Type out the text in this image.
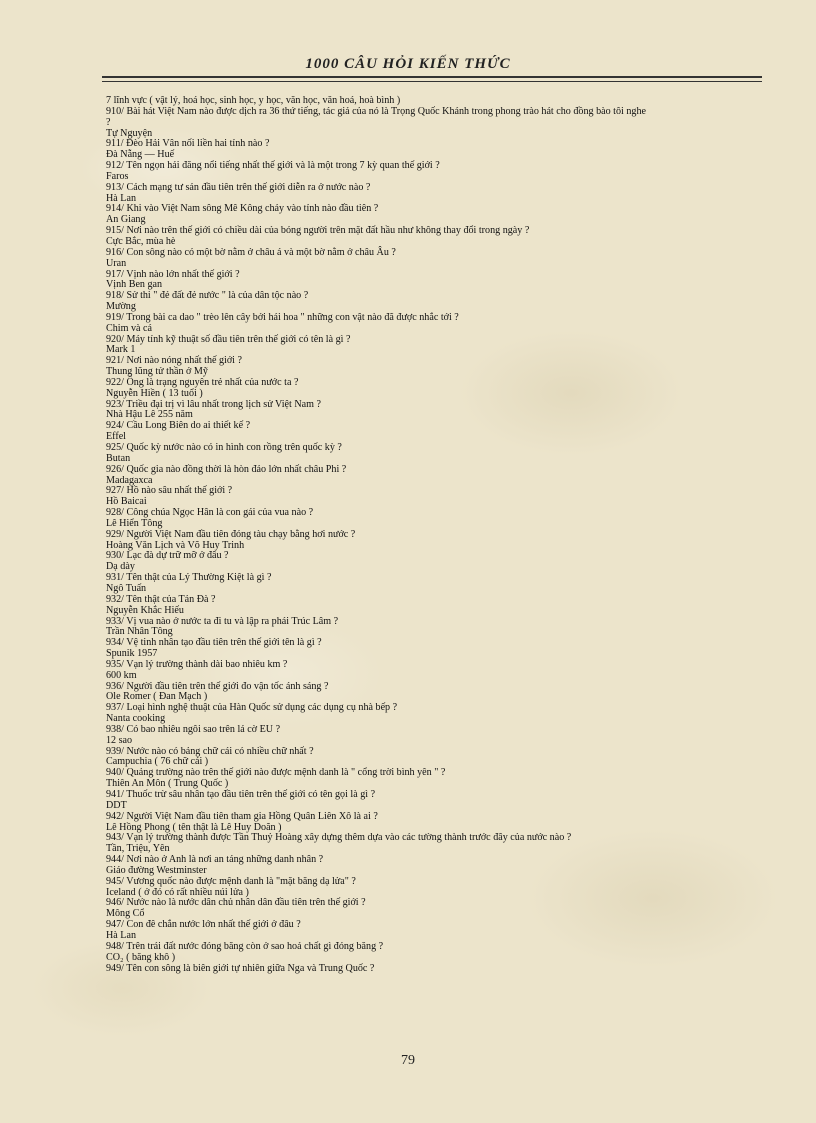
1000 CÂU HỎI KIẾN THỨC
7 lĩnh vực ( vật lý, hoá học, sinh học, y học, văn học, văn hoá, hoà bình )
910/ Bài hát Việt Nam nào được dịch ra 36 thứ tiếng, tác giả của nó là Trọng Quốc Khánh trong phong trào hát cho đồng bào tôi nghe
?
Tự Nguyện
911/ Đèo Hải Vân nối liền hai tỉnh nào ?
Đà Nẵng — Huế
912/ Tên ngọn hải đăng nổi tiếng nhất thế giới và là một trong 7 kỳ quan thế giới ?
Faros
913/ Cách mạng tư sản đầu tiên trên thế giới diễn ra ở nước nào ?
Hà Lan
914/ Khi vào Việt Nam sông Mê Kông chảy vào tỉnh nào đầu tiên ?
An Giang
915/ Nơi nào trên thế giới có chiều dài của bóng người trên mặt đất hầu như không thay đổi trong ngày ?
Cực Bắc, mùa hè
916/ Con sông nào có một bờ nằm ở châu á và một bờ nằm ở châu Âu ?
Uran
917/ Vịnh nào lớn nhất thế giới ?
Vịnh Ben gan
918/ Sử thi " đẻ đất đẻ nước " là của dân tộc nào ?
Mường
919/ Trong bài ca dao " trèo lên cây bởi hái hoa " những con vật nào đã được nhắc tới ?
Chim và cá
920/ Máy tính kỹ thuật số đầu tiên trên thế giới có tên là gì ?
Mark 1
921/ Nơi nào nóng nhất thế giới ?
Thung lũng tử thần ở Mỹ
922/ Ông là trạng nguyên trẻ nhất của nước ta ?
Nguyễn Hiền ( 13 tuổi )
923/ Triều đại trị vì lâu nhất trong lịch sử Việt Nam ?
Nhà Hậu Lê 255 năm
924/ Cầu Long Biên do ai thiết kế ?
Effel
925/ Quốc kỳ nước nào có in hình con rồng trên quốc kỳ ?
Butan
926/ Quốc gia nào đồng thời là hòn đảo lớn nhất châu Phi ?
Madagaxca
927/ Hồ nào sâu nhất thế giới ?
Hồ Baicai
928/ Công chúa Ngọc Hân là con gái của vua nào ?
Lê Hiển Tông
929/ Người Việt Nam đầu tiên đóng tàu chạy bằng hơi nước ?
Hoàng Văn Lịch và Võ Huy Trinh
930/ Lạc đà dự trữ mỡ ở đâu ?
Dạ dày
931/ Tên thật của Lý Thường Kiệt là gì ?
Ngô Tuấn
932/ Tên thật của Tản Đà ?
Nguyễn Khắc Hiếu
933/ Vị vua nào ở nước ta đi tu và lập ra phái Trúc Lâm ?
Trần Nhân Tông
934/ Vệ tinh nhân tạo đầu tiên trên thế giới tên là gì ?
Spunik 1957
935/ Vạn lý trường thành dài bao nhiêu km ?
600 km
936/ Người đầu tiên trên thế giới đo vận tốc ánh sáng ?
Ole Romer ( Đan Mạch )
937/ Loại hình nghệ thuật của Hàn Quốc sử dụng các dụng cụ nhà bếp ?
Nanta cooking
938/ Có bao nhiêu ngôi sao trên lá cờ EU ?
12 sao
939/ Nước nào có bảng chữ cái có nhiều chữ nhất ?
Campuchia ( 76 chữ cái )
940/ Quảng trường nào trên thế giới nào được mệnh danh là " cổng trời bình yên " ?
Thiên An Môn ( Trung Quốc )
941/ Thuốc trừ sâu nhân tạo đầu tiên trên thế giới có tên gọi là gì ?
DDT
942/ Người Việt Nam đầu tiên tham gia Hồng Quân Liên Xô là ai ?
Lê Hồng Phong ( tên thật là Lê Huy Doãn )
943/ Vạn lý trường thành được Tần Thuỷ Hoàng xây dựng thêm dựa vào các tường thành trước đây của nước nào ?
Tần, Triệu, Yên
944/ Nơi nào ở Anh là nơi an táng những danh nhân ?
Giáo đường Westminster
945/ Vương quốc nào được mệnh danh là "mặt băng dạ lửa" ?
Iceland ( ở đó có rất nhiều núi lửa )
946/ Nước nào là nước dân chủ nhân dân đầu tiên trên thế giới ?
Mông Cổ
947/ Con đê chắn nước lớn nhất thế giới ở đâu ?
Hà Lan
948/ Trên trái đất nước đóng băng còn ở sao hoả chất gì đóng băng ?
CO₂ ( băng khô )
949/ Tên con sông là biên giới tự nhiên giữa Nga và Trung Quốc ?
79
